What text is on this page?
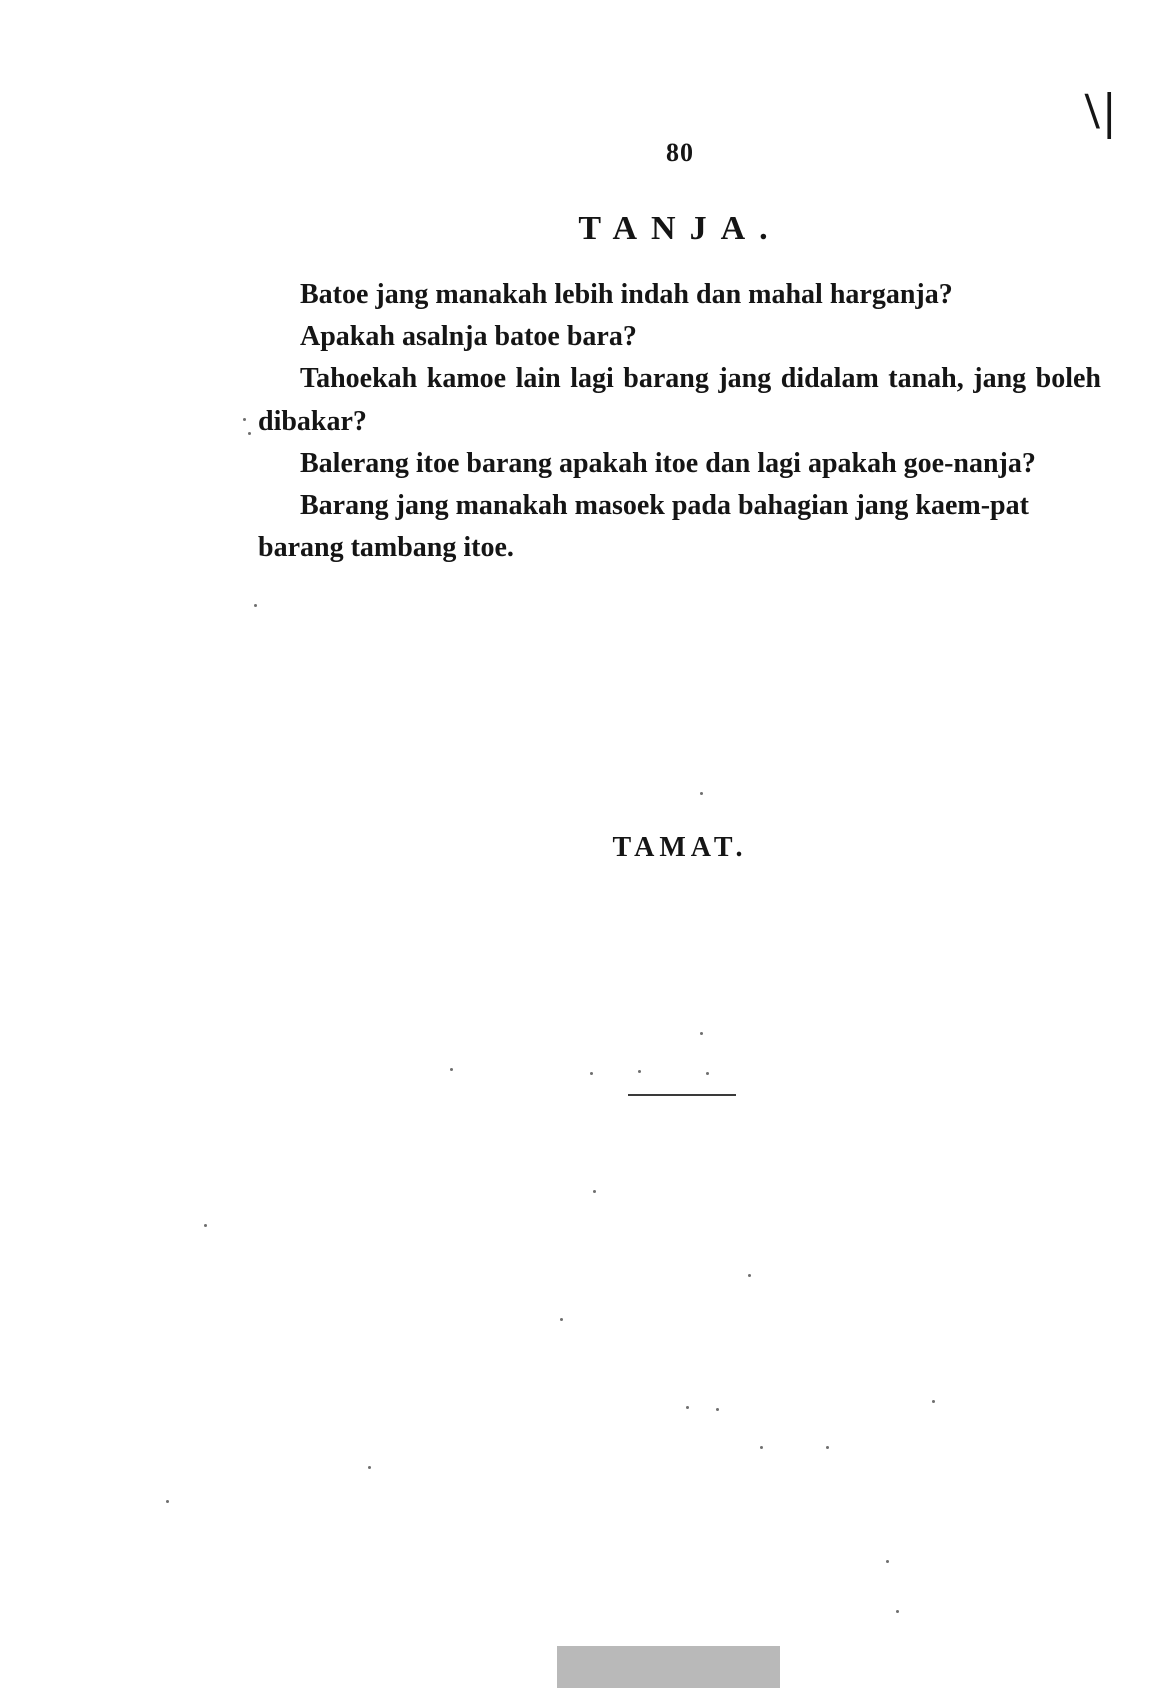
80
\|
TANJA.

Batoe jang manakah lebih indah dan mahal harganja?

Apakah asalnja batoe bara?

Tahoekah kamoe lain lagi barang jang didalam tanah, jang boleh dibakar?

Balerang itoe barang apakah itoe dan lagi apakah goe-nanja?

Barang jang manakah masoek pada bahagian jang kaem-pat barang tambang itoe.

TAMAT.
